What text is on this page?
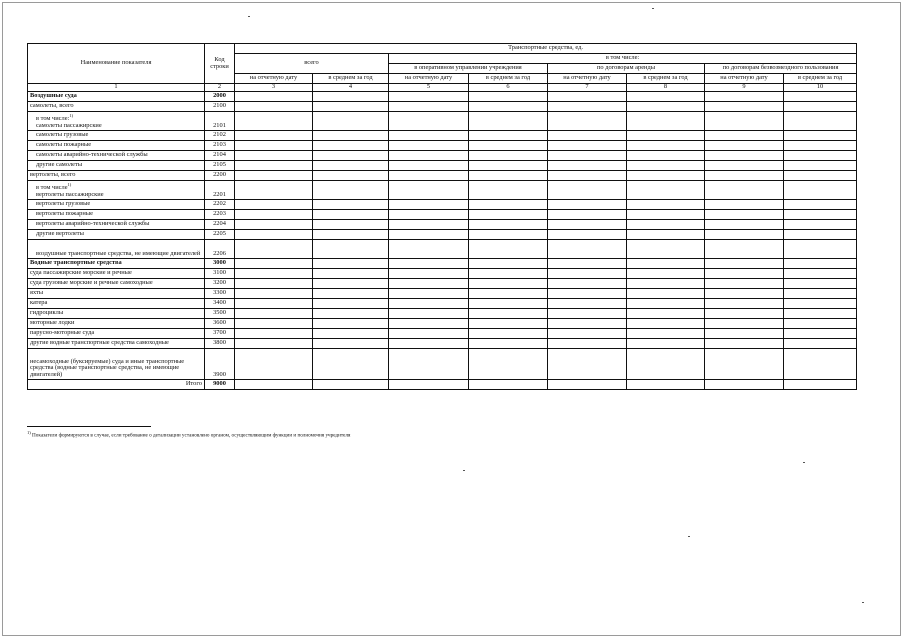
Наименование показателя	Код строки	Транспортные средства, ед.							
		всего		в том числе:					
				в оперативном управлении учреждения		по договорам аренды		по договорам безвозмездного пользования	
		на отчетную дату	в среднем за год	на отчетную дату	в среднем за год	на отчетную дату	в среднем за год	на отчетную дату	в среднем за год
1	2	3	4	5	6	7	8	9	10
Воздушные суда	2000								
самолеты, всего	2100								

в том числе:$^{1)}$
самолеты пассажирские	2101								
самолеты грузовые	2102								
самолеты пожарные	2103								
самолеты аварийно-технической службы	2104								
другие самолеты	2105								
вертолеты, всего	2200								

в том числе$^{1)}$
вертолеты пассажирские	2201								
вертолеты грузовые	2202								
вертолеты пожарные	2203								
вертолеты аварийно-технической службы	2204								
другие вертолеты	2205								
воздушные транспортные средства, не имеющие двигателей	2206								
Водные транспортные средства	3000								
суда пассажирские морские и речные	3100								
суда грузовые морские и речные самоходные	3200								
яхты	3300								
катера	3400								
гидроциклы	3500								
моторные лодки	3600								
парусно-моторные суда	3700								
другие водные транспортные средства самоходные	3800								
несамоходные (буксируемые) суда и иные транспортные средства (водные транспортные средства, не имеющие двигателей)	3900								
Итого	9000								
$^{1)}$ Показатели формируются в случае, если требование о детализации установлено органом, осуществляющим функции и полномочия учредителя
